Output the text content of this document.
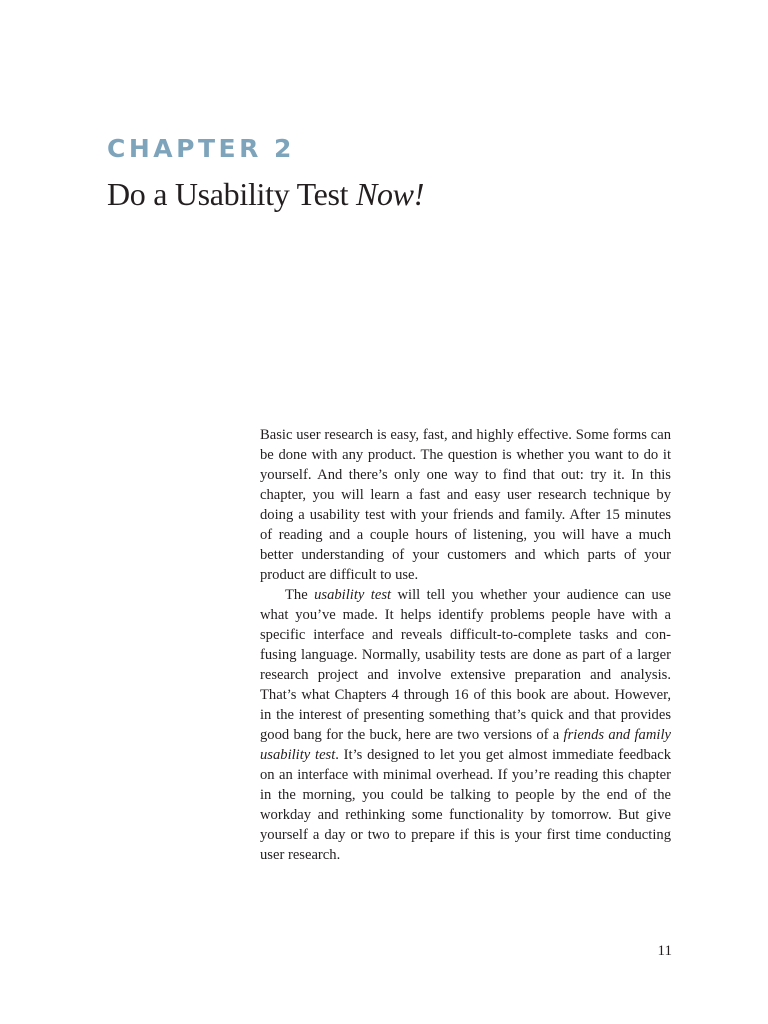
CHAPTER 2
Do a Usability Test Now!

Basic user research is easy, fast, and highly effective. Some forms can be done with any product. The question is whether you want to do it yourself. And there’s only one way to find that out: try it. In this chapter, you will learn a fast and easy user research technique by doing a usability test with your friends and family. After 15 minutes of reading and a couple hours of listening, you will have a much better understanding of your customers and which parts of your product are difficult to use.

The usability test will tell you whether your audience can use what you’ve made. It helps identify problems people have with a specific interface and reveals difficult-to-complete tasks and confusing language. Normally, usability tests are done as part of a larger research project and involve extensive preparation and analysis. That’s what Chapters 4 through 16 of this book are about. However, in the interest of presenting something that’s quick and that provides good bang for the buck, here are two versions of a friends and family usability test. It’s designed to let you get almost immediate feedback on an interface with minimal overhead. If you’re reading this chapter in the morning, you could be talking to people by the end of the workday and rethinking some functionality by tomorrow. But give yourself a day or two to prepare if this is your first time conducting user research.

11
